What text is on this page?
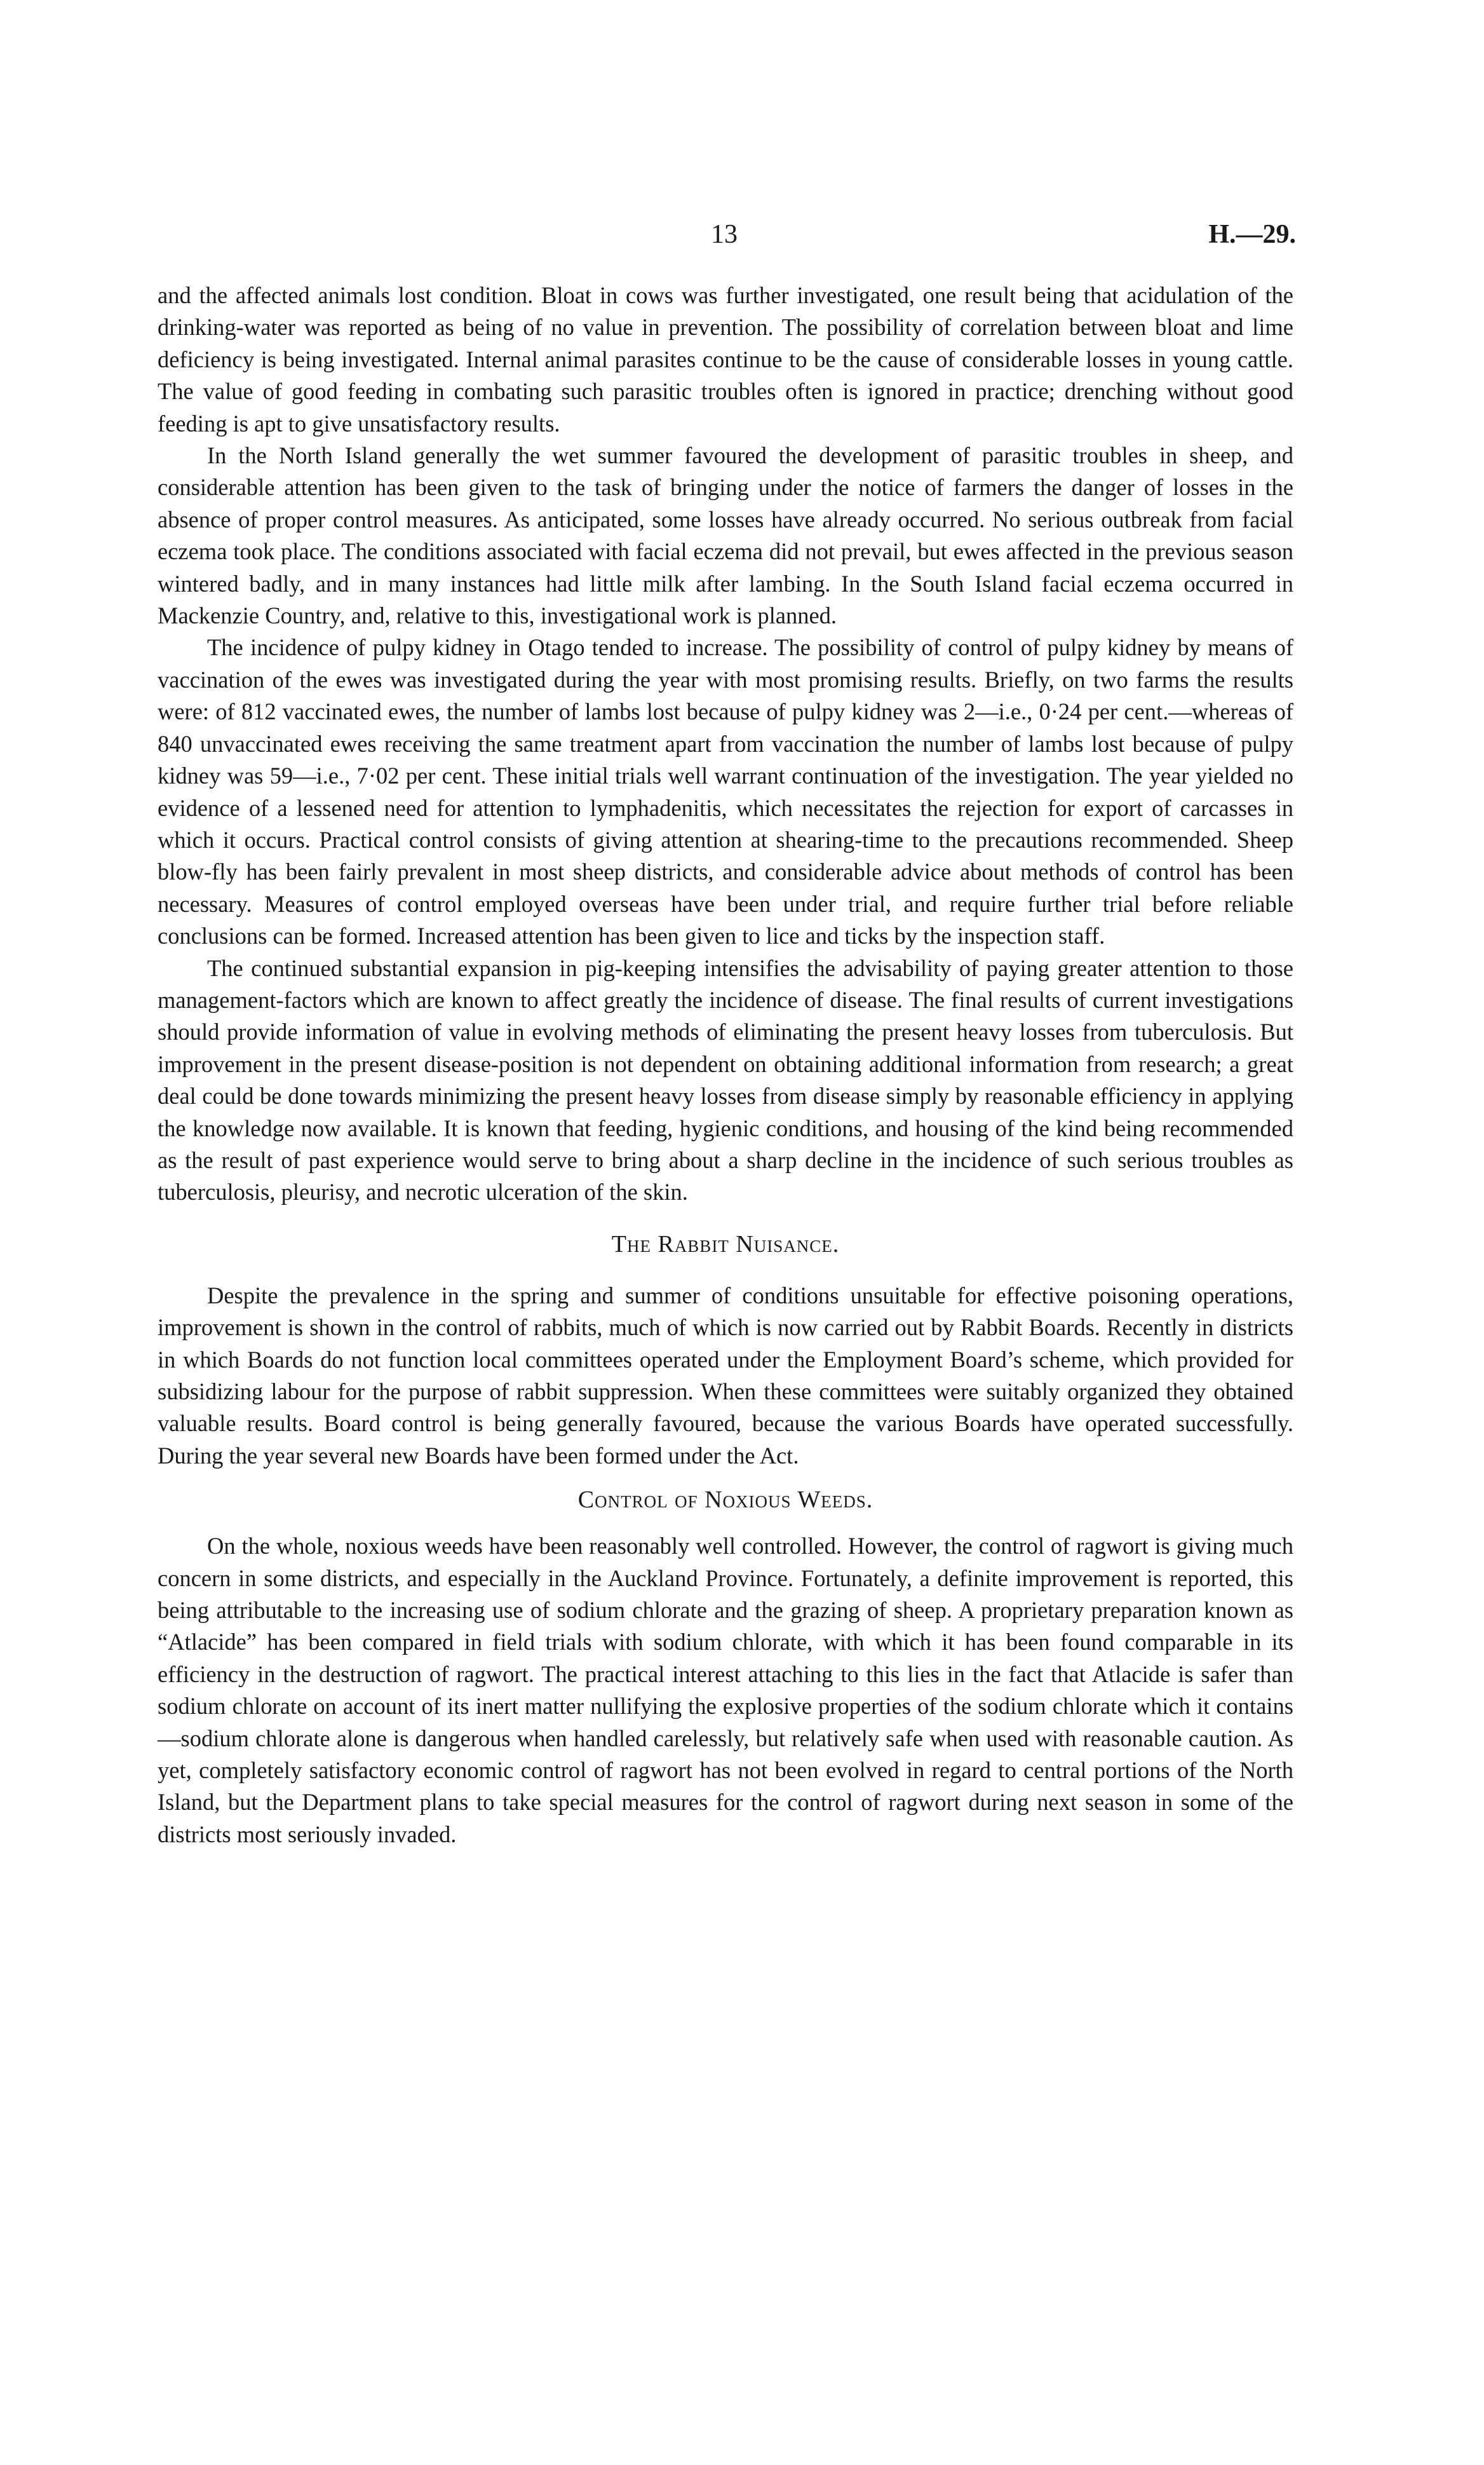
13	H.—29.

and the affected animals lost condition. Bloat in cows was further investigated, one result being that acidulation of the drinking-water was reported as being of no value in prevention. The possibility of correlation between bloat and lime deficiency is being investigated. Internal animal parasites continue to be the cause of considerable losses in young cattle. The value of good feeding in combating such parasitic troubles often is ignored in practice; drenching without good feeding is apt to give unsatisfactory results.

In the North Island generally the wet summer favoured the development of parasitic troubles in sheep, and considerable attention has been given to the task of bringing under the notice of farmers the danger of losses in the absence of proper control measures. As anticipated, some losses have already occurred. No serious outbreak from facial eczema took place. The conditions associated with facial eczema did not prevail, but ewes affected in the previous season wintered badly, and in many instances had little milk after lambing. In the South Island facial eczema occurred in Mackenzie Country, and, relative to this, investigational work is planned.

The incidence of pulpy kidney in Otago tended to increase. The possibility of control of pulpy kidney by means of vaccination of the ewes was investigated during the year with most promising results. Briefly, on two farms the results were: of 812 vaccinated ewes, the number of lambs lost because of pulpy kidney was 2—i.e., 0·24 per cent.—whereas of 840 unvaccinated ewes receiving the same treatment apart from vaccination the number of lambs lost because of pulpy kidney was 59—i.e., 7·02 per cent. These initial trials well warrant continuation of the investigation. The year yielded no evidence of a lessened need for attention to lymphadenitis, which necessitates the rejection for export of carcasses in which it occurs. Practical control consists of giving attention at shearing-time to the precautions recommended. Sheep blow-fly has been fairly prevalent in most sheep districts, and considerable advice about methods of control has been necessary. Measures of control employed overseas have been under trial, and require further trial before reliable conclusions can be formed. Increased attention has been given to lice and ticks by the inspection staff.

The continued substantial expansion in pig-keeping intensifies the advisability of paying greater attention to those management-factors which are known to affect greatly the incidence of disease. The final results of current investigations should provide information of value in evolving methods of eliminating the present heavy losses from tuberculosis. But improvement in the present disease-position is not dependent on obtaining additional information from research; a great deal could be done towards minimizing the present heavy losses from disease simply by reasonable efficiency in applying the knowledge now available. It is known that feeding, hygienic conditions, and housing of the kind being recommended as the result of past experience would serve to bring about a sharp decline in the incidence of such serious troubles as tuberculosis, pleurisy, and necrotic ulceration of the skin.

The Rabbit Nuisance.

Despite the prevalence in the spring and summer of conditions unsuitable for effective poisoning operations, improvement is shown in the control of rabbits, much of which is now carried out by Rabbit Boards. Recently in districts in which Boards do not function local committees operated under the Employment Board’s scheme, which provided for subsidizing labour for the purpose of rabbit suppression. When these committees were suitably organized they obtained valuable results. Board control is being generally favoured, because the various Boards have operated successfully. During the year several new Boards have been formed under the Act.

Control of Noxious Weeds.

On the whole, noxious weeds have been reasonably well controlled. However, the control of ragwort is giving much concern in some districts, and especially in the Auckland Province. Fortunately, a definite improvement is reported, this being attributable to the increasing use of sodium chlorate and the grazing of sheep. A proprietary preparation known as “Atlacide” has been compared in field trials with sodium chlorate, with which it has been found comparable in its efficiency in the destruction of ragwort. The practical interest attaching to this lies in the fact that Atlacide is safer than sodium chlorate on account of its inert matter nullifying the explosive properties of the sodium chlorate which it contains—sodium chlorate alone is dangerous when handled carelessly, but relatively safe when used with reasonable caution. As yet, completely satisfactory economic control of ragwort has not been evolved in regard to central portions of the North Island, but the Department plans to take special measures for the control of ragwort during next season in some of the districts most seriously invaded.
